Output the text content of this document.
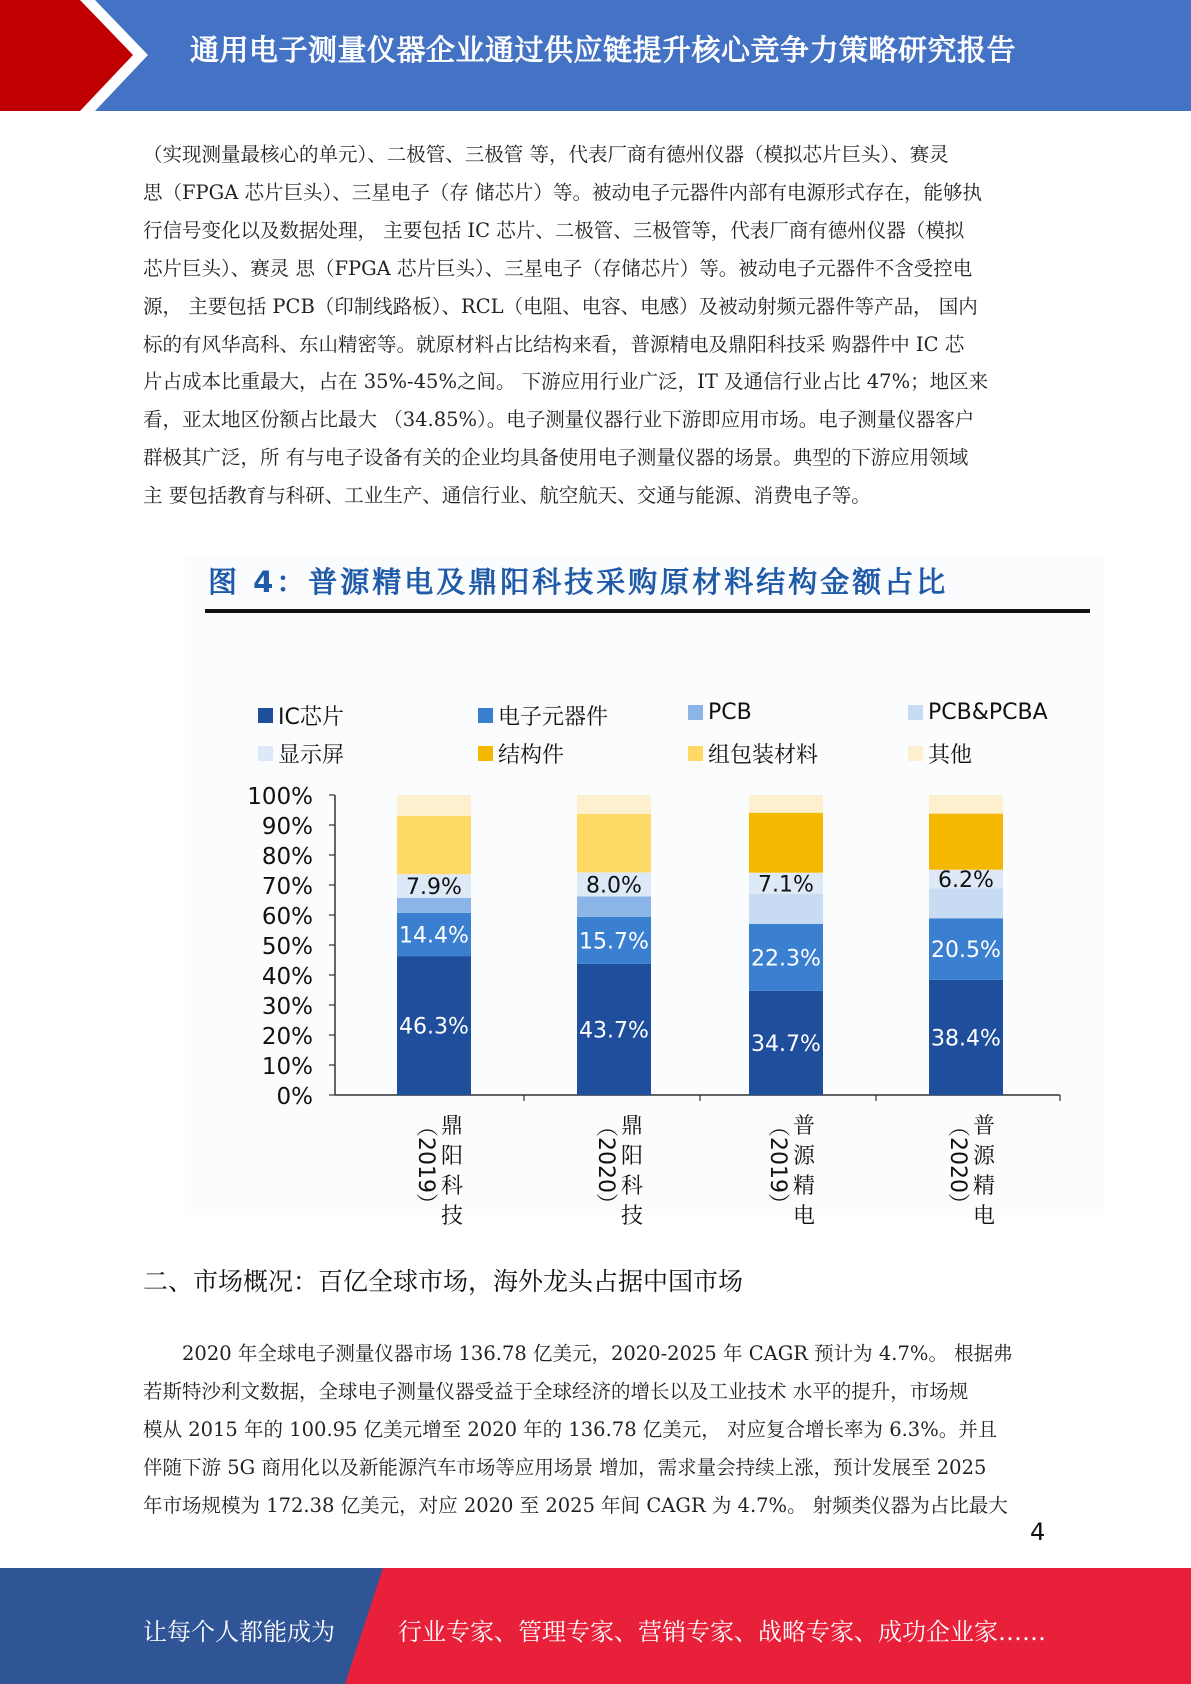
通用电子测量仪器企业通过供应链提升核心竞争力策略研究报告
（实现测量最核心的单元）、二极管、三极管 等，代表厂商有德州仪器（模拟芯片巨头）、赛灵
思（FPGA 芯片巨头）、三星电子（存 储芯片）等。被动电子元器件内部有电源形式存在，能够执
行信号变化以及数据处理， 主要包括 IC 芯片、二极管、三极管等，代表厂商有德州仪器（模拟
芯片巨头）、赛灵 思（FPGA 芯片巨头）、三星电子（存储芯片）等。被动电子元器件不含受控电
源， 主要包括 PCB（印制线路板）、RCL（电阻、电容、电感）及被动射频元器件等产品， 国内
标的有风华高科、东山精密等。就原材料占比结构来看，普源精电及鼎阳科技采 购器件中 IC 芯
片占成本比重最大，占在 35%-45%之间。 下游应用行业广泛，IT 及通信行业占比 47%；地区来
看，亚太地区份额占比最大 （34.85%）。电子测量仪器行业下游即应用市场。电子测量仪器客户
群极其广泛，所 有与电子设备有关的企业均具备使用电子测量仪器的场景。典型的下游应用领域
主 要包括教育与科研、工业生产、通信行业、航空航天、交通与能源、消费电子等。
图 4：普源精电及鼎阳科技采购原材料结构金额占比
IC芯片	电子元器件	PCB	PCB&PCBA
显示屏	结构件	组包装材料	其他
0%
10%
20%
30%
40%
50%
60%
70%
80%
90%
100%
46.3%	43.7%
34.7%	38.4%
14.4%	15.7%
22.3%	20.5%
7.9%	8.0%	7.1%	6.2%
（2019） 鼎阳科技
（2020） 鼎阳科技
（2019） 普源精电
（2020） 普源精电
二、市场概况：百亿全球市场，海外龙头占据中国市场
　　2020 年全球电子测量仪器市场 136.78 亿美元，2020-2025 年 CAGR 预计为 4.7%。 根据弗
若斯特沙利文数据，全球电子测量仪器受益于全球经济的增长以及工业技术 水平的提升，市场规
模从 2015 年的 100.95 亿美元增至 2020 年的 136.78 亿美元， 对应复合增长率为 6.3%。并且
伴随下游 5G 商用化以及新能源汽车市场等应用场景 增加，需求量会持续上涨，预计发展至 2025
年市场规模为 172.38 亿美元，对应 2020 至 2025 年间 CAGR 为 4.7%。 射频类仪器为占比最大
4
让每个人都能成为	行业专家、管理专家、营销专家、战略专家、成功企业家……
